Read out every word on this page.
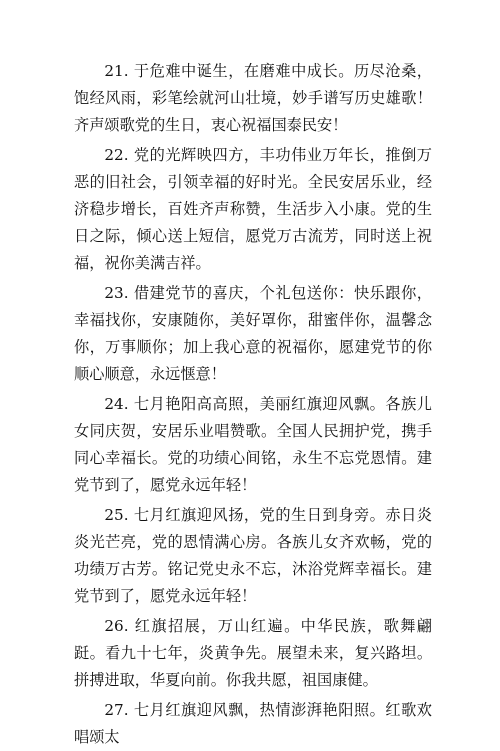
21. 于危难中诞生，在磨难中成长。历尽沧桑，饱经风雨，彩笔绘就河山壮境，妙手谱写历史雄歌！齐声颂歌党的生日，衷心祝福国泰民安！

22. 党的光辉映四方，丰功伟业万年长，推倒万恶的旧社会，引领幸福的好时光。全民安居乐业，经济稳步增长，百姓齐声称赞，生活步入小康。党的生日之际，倾心送上短信，愿党万古流芳，同时送上祝福，祝你美满吉祥。

23. 借建党节的喜庆，个礼包送你：快乐跟你，幸福找你，安康随你，美好罩你，甜蜜伴你，温馨念你，万事顺你；加上我心意的祝福你，愿建党节的你顺心顺意，永远惬意！

24. 七月艳阳高高照，美丽红旗迎风飘。各族儿女同庆贺，安居乐业唱赞歌。全国人民拥护党，携手同心幸福长。党的功绩心间铭，永生不忘党恩情。建党节到了，愿党永远年轻！

25. 七月红旗迎风扬，党的生日到身旁。赤日炎炎光芒亮，党的恩情满心房。各族儿女齐欢畅，党的功绩万古芳。铭记党史永不忘，沐浴党辉幸福长。建党节到了，愿党永远年轻！

26. 红旗招展，万山红遍。中华民族，歌舞翩跹。看九十七年，炎黄争先。展望未来，复兴路坦。拼搏进取，华夏向前。你我共愿，祖国康健。

27. 七月红旗迎风飘，热情澎湃艳阳照。红歌欢唱颂太
